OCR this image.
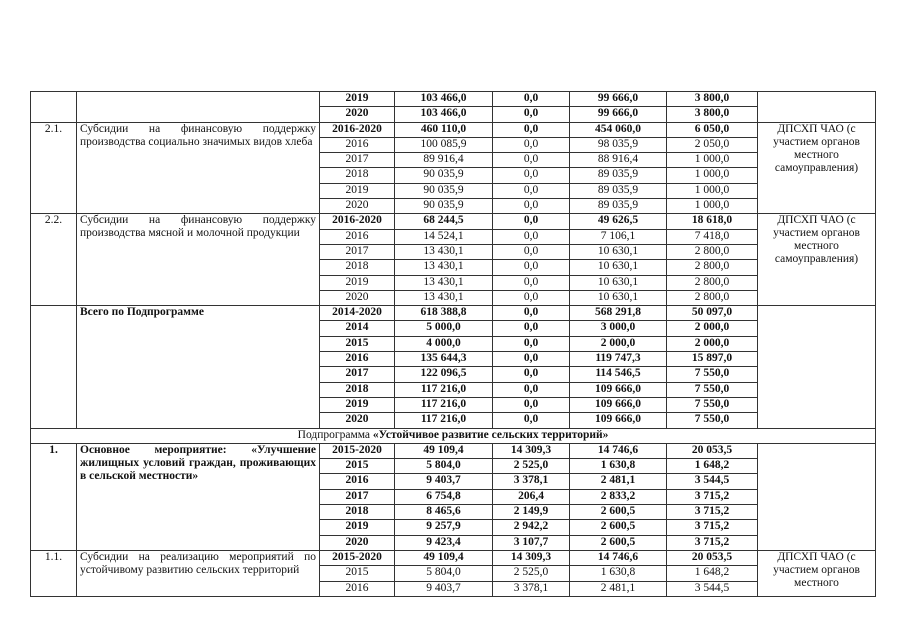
		2019	103 466,0	0,0	99 666,0	3 800,0	
		2020	103 466,0	0,0	99 666,0	3 800,0	
2.1.	Субсидии на финансовую поддержку производства социально значимых видов хлеба	2016-2020	460 110,0	0,0	454 060,0	6 050,0	ДПСХП ЧАО (с участием органов местного самоуправления)
		2016	100 085,9	0,0	98 035,9	2 050,0	
		2017	89 916,4	0,0	88 916,4	1 000,0	
		2018	90 035,9	0,0	89 035,9	1 000,0	
		2019	90 035,9	0,0	89 035,9	1 000,0	
		2020	90 035,9	0,0	89 035,9	1 000,0	
2.2.	Субсидии на финансовую поддержку производства мясной и молочной продукции	2016-2020	68 244,5	0,0	49 626,5	18 618,0	ДПСХП ЧАО (с участием органов местного самоуправления)
		2016	14 524,1	0,0	7 106,1	7 418,0	
		2017	13 430,1	0,0	10 630,1	2 800,0	
		2018	13 430,1	0,0	10 630,1	2 800,0	
		2019	13 430,1	0,0	10 630,1	2 800,0	
		2020	13 430,1	0,0	10 630,1	2 800,0	
	Всего по Подпрограмме	2014-2020	618 388,8	0,0	568 291,8	50 097,0	
		2014	5 000,0	0,0	3 000,0	2 000,0	
		2015	4 000,0	0,0	2 000,0	2 000,0	
		2016	135 644,3	0,0	119 747,3	15 897,0	
		2017	122 096,5	0,0	114 546,5	7 550,0	
		2018	117 216,0	0,0	109 666,0	7 550,0	
		2019	117 216,0	0,0	109 666,0	7 550,0	
		2020	117 216,0	0,0	109 666,0	7 550,0	
Подпрограмма «Устойчивое развитие сельских территорий»							
1.	Основное мероприятие: «Улучшение жилищных условий граждан, проживающих в сельской местности»	2015-2020	49 109,4	14 309,3	14 746,6	20 053,5	
		2015	5 804,0	2 525,0	1 630,8	1 648,2	
		2016	9 403,7	3 378,1	2 481,1	3 544,5	
		2017	6 754,8	206,4	2 833,2	3 715,2	
		2018	8 465,6	2 149,9	2 600,5	3 715,2	
		2019	9 257,9	2 942,2	2 600,5	3 715,2	
		2020	9 423,4	3 107,7	2 600,5	3 715,2	
1.1.	Субсидии на реализацию мероприятий по устойчивому развитию сельских территорий	2015-2020	49 109,4	14 309,3	14 746,6	20 053,5	ДПСХП ЧАО (с участием органов местного
		2015	5 804,0	2 525,0	1 630,8	1 648,2	
		2016	9 403,7	3 378,1	2 481,1	3 544,5	
